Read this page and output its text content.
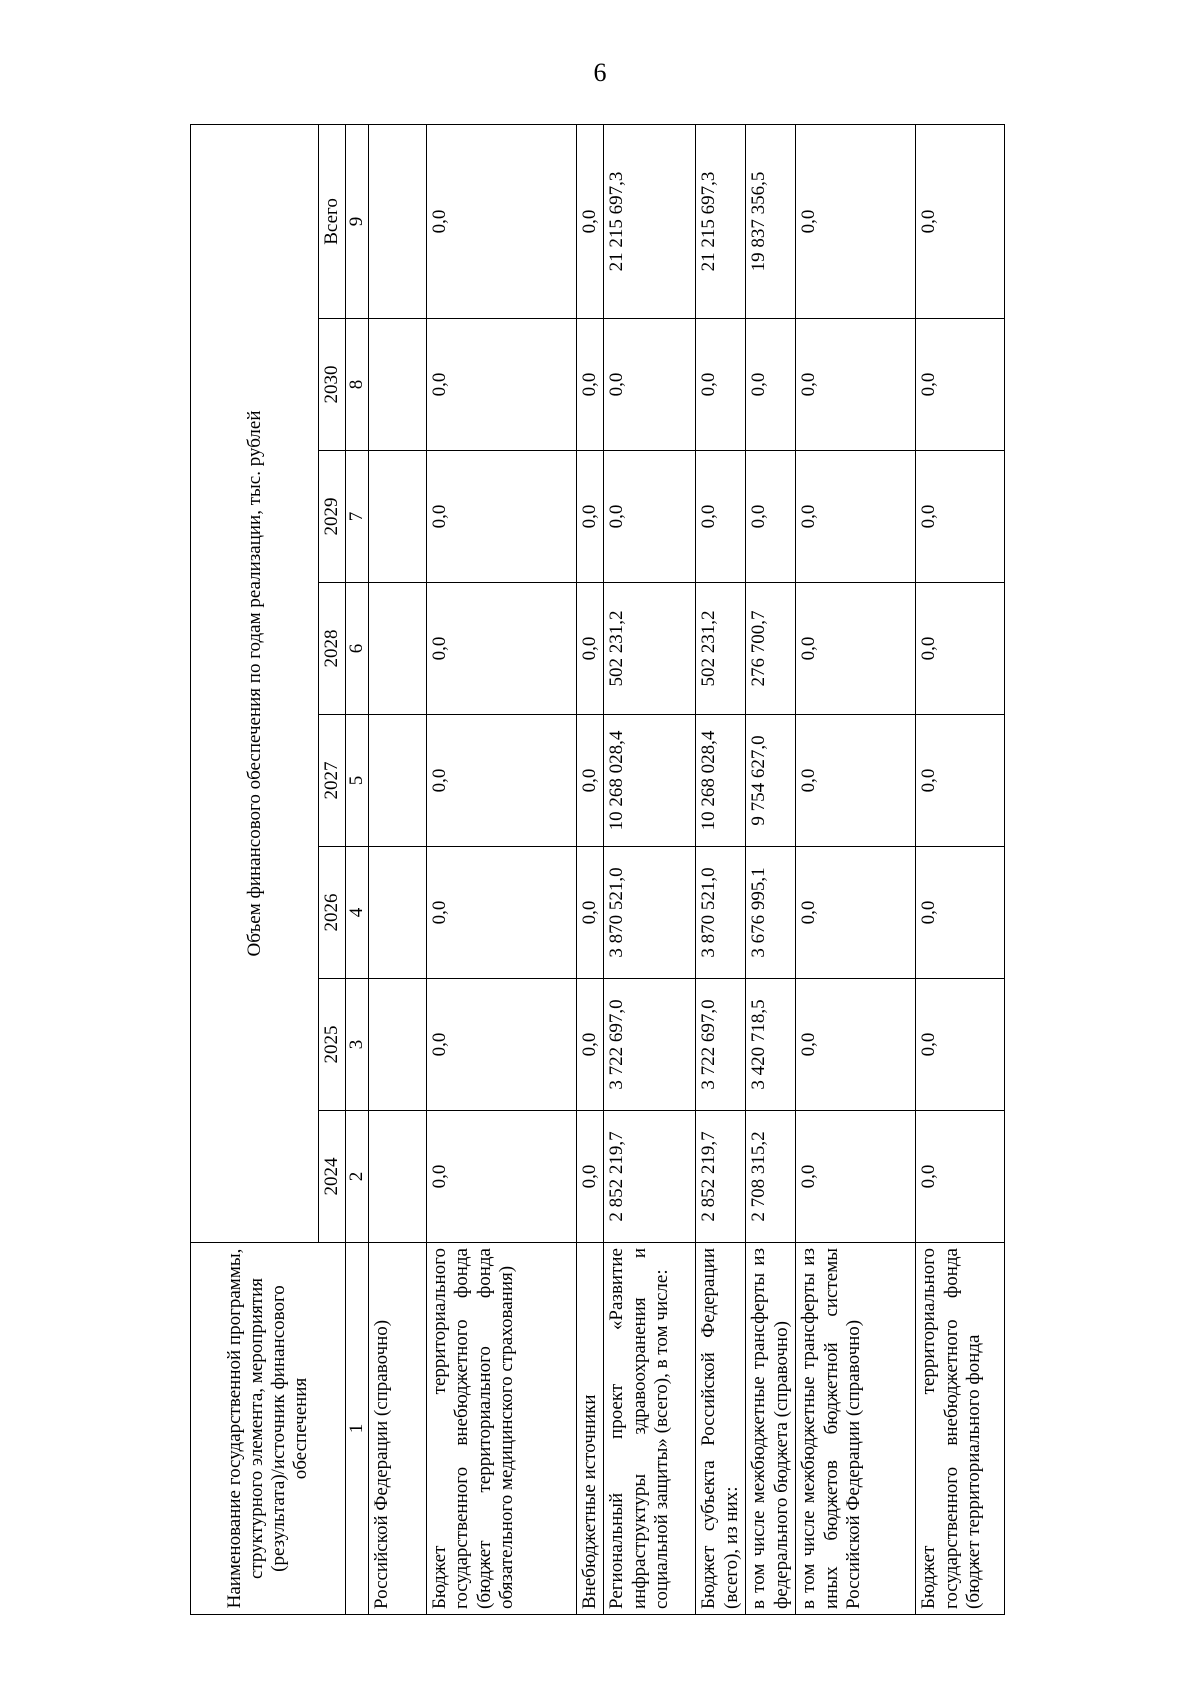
6
Наименование государственной программы, структурного элемента, мероприятия (результата)/источник финансового обеспечения	Объем финансового обеспечения по годам реализации, тыс. рублей							
	2024	2025	2026	2027	2028	2029	2030	Всего
1	2	3	4	5	6	7	8	9
Российской Федерации (справочно)								
Бюджет территориального государственного внебюджетного фонда (бюджет территориального фонда обязательного медицинского страхования)	0,0	0,0	0,0	0,0	0,0	0,0	0,0	0,0
Внебюджетные источники	0,0	0,0	0,0	0,0	0,0	0,0	0,0	0,0
Региональный проект «Развитие инфраструктуры здравоохранения и социальной защиты» (всего), в том числе:	2 852 219,7	3 722 697,0	3 870 521,0	10 268 028,4	502 231,2	0,0	0,0	21 215 697,3
Бюджет субъекта Российской Федерации (всего), из них:	2 852 219,7	3 722 697,0	3 870 521,0	10 268 028,4	502 231,2	0,0	0,0	21 215 697,3
в том числе межбюджетные трансферты из федерального бюджета (справочно)	2 708 315,2	3 420 718,5	3 676 995,1	9 754 627,0	276 700,7	0,0	0,0	19 837 356,5
в том числе межбюджетные трансферты из иных бюджетов бюджетной системы Российской Федерации (справочно)	0,0	0,0	0,0	0,0	0,0	0,0	0,0	0,0
Бюджет территориального государственного внебюджетного фонда (бюджет территориального фонда	0,0	0,0	0,0	0,0	0,0	0,0	0,0	0,0
